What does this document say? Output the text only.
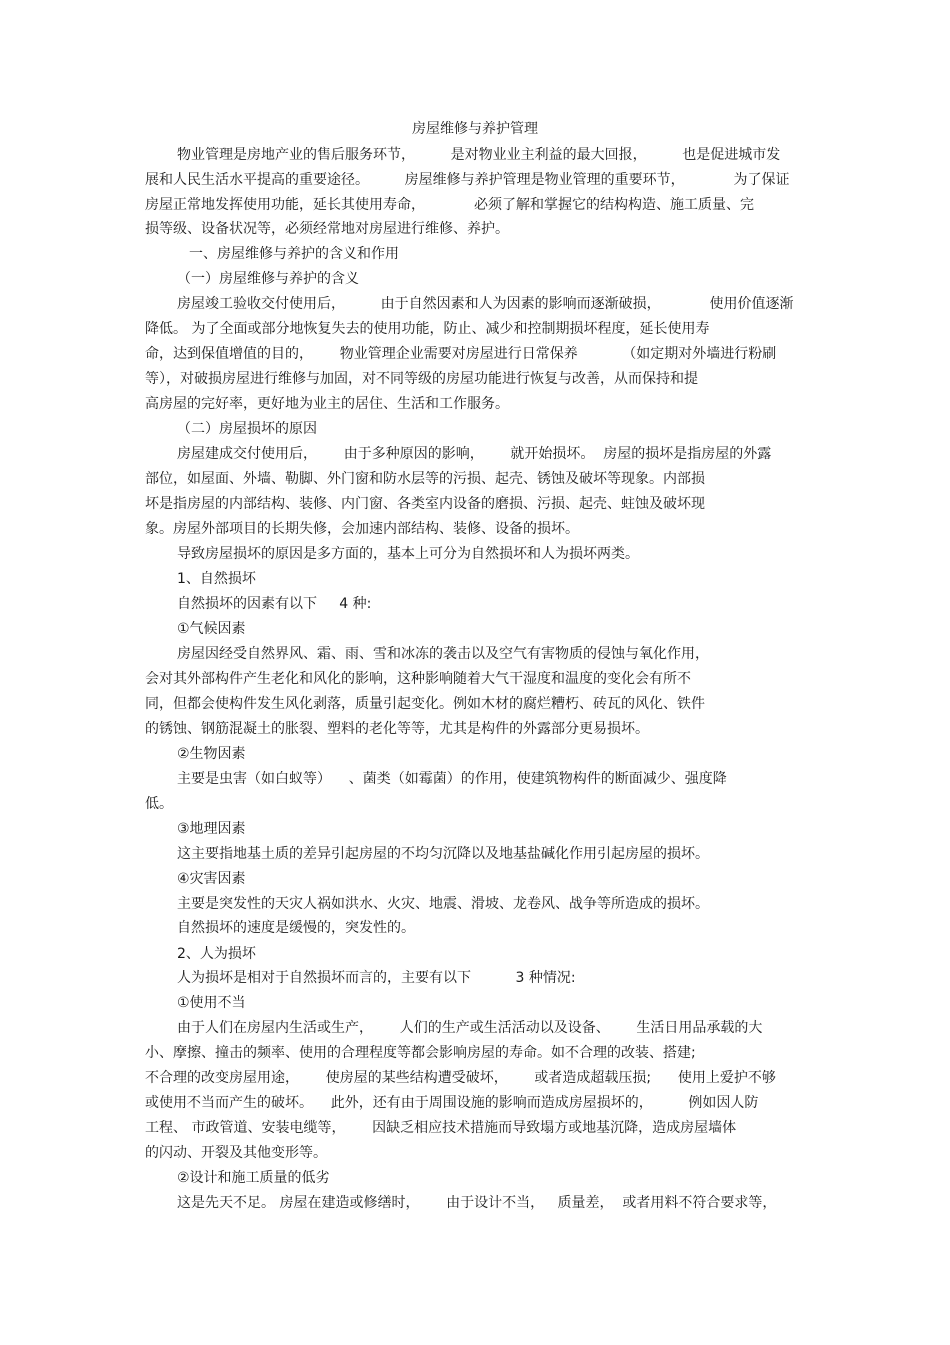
房屋维修与养护管理
物业管理是房地产业的售后服务环节，        是对物业业主利益的最大回报，        也是促进城市发
展和人民生活水平提高的重要途径。        房屋维修与养护管理是物业管理的重要环节，           为了保证
房屋正常地发挥使用功能，延长其使用寿命，           必须了解和掌握它的结构构造、施工质量、完
损等级、设备状况等，必须经常地对房屋进行维修、养护。
一、房屋维修与养护的含义和作用
（一）房屋维修与养护的含义
房屋竣工验收交付使用后，        由于自然因素和人为因素的影响而逐渐破损，           使用价值逐渐
降低。 为了全面或部分地恢复失去的使用功能，防止、减少和控制期损坏程度，延长使用寿
命，达到保值增值的目的，      物业管理企业需要对房屋进行日常保养          （如定期对外墙进行粉刷
等），对破损房屋进行维修与加固，对不同等级的房屋功能进行恢复与改善，从而保持和提
高房屋的完好率，更好地为业主的居住、生活和工作服务。
（二）房屋损坏的原因
房屋建成交付使用后，      由于多种原因的影响，      就开始损坏。  房屋的损坏是指房屋的外露
部位，如屋面、外墙、勒脚、外门窗和防水层等的污损、起壳、锈蚀及破坏等现象。内部损
坏是指房屋的内部结构、装修、内门窗、各类室内设备的磨损、污损、起壳、蛀蚀及破坏现
象。房屋外部项目的长期失修，会加速内部结构、装修、设备的损坏。
导致房屋损坏的原因是多方面的，基本上可分为自然损坏和人为损坏两类。
1、自然损坏
自然损坏的因素有以下     4 种:
①气候因素
房屋因经受自然界风、霜、雨、雪和冰冻的袭击以及空气有害物质的侵蚀与氧化作用，
会对其外部构件产生老化和风化的影响，这种影响随着大气干湿度和温度的变化会有所不
同，但都会使构件发生风化剥落，质量引起变化。例如木材的腐烂糟朽、砖瓦的风化、铁件
的锈蚀、钢筋混凝土的胀裂、塑料的老化等等，尤其是构件的外露部分更易损坏。
②生物因素
主要是虫害（如白蚁等）    、菌类（如霉菌）的作用，使建筑物构件的断面减少、强度降
低。
③地理因素
这主要指地基土质的差异引起房屋的不均匀沉降以及地基盐碱化作用引起房屋的损坏。
④灾害因素
主要是突发性的天灾人祸如洪水、火灾、地震、滑坡、龙卷风、战争等所造成的损坏。
自然损坏的速度是缓慢的，突发性的。
2、人为损坏
人为损坏是相对于自然损坏而言的，主要有以下          3 种情况:
①使用不当
由于人们在房屋内生活或生产，      人们的生产或生活活动以及设备、      生活日用品承载的大
小、摩擦、撞击的频率、使用的合理程度等都会影响房屋的寿命。如不合理的改装、搭建;
不合理的改变房屋用途，      使房屋的某些结构遭受破坏，      或者造成超载压损;      使用上爱护不够
或使用不当而产生的破坏。    此外，还有由于周围设施的影响而造成房屋损坏的，        例如因人防
工程、 市政管道、安装电缆等，      因缺乏相应技术措施而导致塌方或地基沉降，造成房屋墙体
的闪动、开裂及其他变形等。
②设计和施工质量的低劣
这是先天不足。 房屋在建造或修缮时，      由于设计不当，   质量差，  或者用料不符合要求等，
